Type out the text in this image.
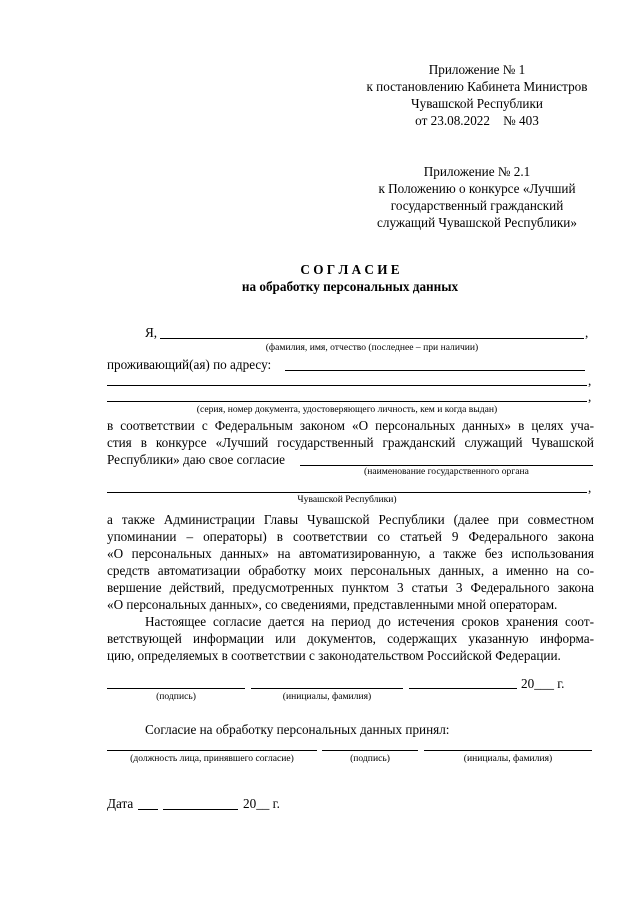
Приложение № 1
к постановлению Кабинета Министров
Чувашской Республики
от 23.08.2022    № 403
Приложение № 2.1
к Положению о конкурсе «Лучший
государственный гражданский
служащий Чувашской Республики»
С О Г Л А С И Е
на обработку персональных данных
Я,	,
(фамилия, имя, отчество (последнее – при наличии)
проживающий(ая) по адресу:
,
,
(серия, номер документа, удостоверяющего личность, кем и когда выдан)
в соответствии с Федеральным законом «О персональных данных» в целях уча-
стия в конкурсе «Лучший государственный гражданский служащий Чувашской
Республики» даю свое согласие
(наименование государственного органа
,
Чувашской Республики)
а также Администрации Главы Чувашской Республики (далее при совместном
упоминании – операторы) в соответствии со статьей 9 Федерального закона
«О персональных данных» на автоматизированную, а также без использования
средств автоматизации обработку моих персональных данных, а именно на со-
вершение действий, предусмотренных пунктом 3 статьи 3 Федерального закона
«О персональных данных», со сведениями, представленными мной операторам.
Настоящее согласие дается на период до истечения сроков хранения соот-
ветствующей информации или документов, содержащих указанную информа-
цию, определяемых в соответствии с законодательством Российской Федерации.
20___ г.
(подпись)	(инициалы, фамилия)
Согласие на обработку персональных данных принял:
(должность лица, принявшего согласие)	(подпись)	(инициалы, фамилия)
Дата	20__ г.
